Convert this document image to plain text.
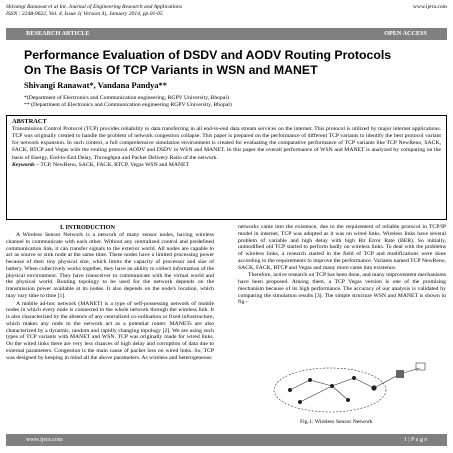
Shivangi Ranawat et al Int. Journal of Engineering Research and Applications
ISSN : 2248-9622, Vol. 4, Issue 1( Version 4), January 2014, pp.01-05
www.ijera.com
RESEARCH ARTICLE	OPEN ACCESS
Performance Evaluation of DSDV and AODV Routing Protocols
On The Basis Of TCP Variants in WSN and MANET
Shivangi Ranawat*, Vandana Pandya**
*(Department of Electronics and Communication engineering, RGPV University, Bhopal)
** (Department of Electronics and Communication engineering RGPV University, Bhopal)
ABSTRACT
Transmission Control Protocol (TCP) provides reliability to data transferring in all end-to-end data stream services on the internet. This protocol is utilized by major internet applications. TCP was originally created to handle the problem of network congestion collapse. This paper is prepared on the performance of different TCP variants to identify the best protocol variant for network expansion. In such context, a full comprehensive simulation environment is created for evaluating the comparative performance of TCP variants like TCP NewReno, SACK, FACK, RTCP and Vegas with the routing protocol AODV and DSDV in WSN and MANET. In this paper the overall performance of WSN and MANET is analyzed by comparing on the basis of Energy, End-to-End Delay, Throughput and Packet Delivery Ratio of the network.
Keywords – TCP, NewReno, SACK, FACK, RTCP, Vegas WSN and MANET
I. INTRODUCTION

A Wireless Sensor Network is a network of many sensor nodes, having wireless channel to communicate with each other. Without any centralized control and predefined communication link, it can transfer signals to the exterior world. All nodes are capable to act as source or sink node at the same time. These nodes have a limited processing power because of their tiny physical size, which limits the capacity of processor and size of battery. When collectively works together, they have an ability to collect information of the physical environment. They have transceiver to communicate with the virtual world and the physical world. Routing topology to be used for the network depends on the transmission power available at its nodes. It also depends on the node's location, which may vary time to time [1].

A mobile ad-hoc network (MANET) is a type of self-possessing network of mobile nodes in which every node is connected to the whole network through the wireless link. It is also characterized by the absence of any centralized co-ordination or fixed infrastructure, which makes any node in the network act as a potential router. MANETs are also characterized by a dynamic, random and rapidly changing topology [2]. We are using such types of TCP variants with MANET and WSN. TCP was originally made for wired links. On the wired links there are very less chances of high delay and corruption of data due to external parameters. Congestion is the main cause of packet loss on wired links. So, TCP was designed by keeping in mind all the above parameters. As wireless and heterogeneous

networks came into the existence, due to the requirement of reliable protocol in TCP/IP model in internet, TCP was adopted as it was on wired links. Wireless links have several problem of variable and high delay with high Bit Error Rate (BER). So initially, unmodified old TCP started to perform badly on wireless links. To deal with the problems of wireless links, a research started in the field of TCP and modifications were done according to the requirements to improve the performance. Variants named TCP NewReno, SACK, FACK, RTCP and Vegas and many more came into existence.

Therefore, active research on TCP has been done, and many improvement mechanisms have been proposed. Among them, a TCP Vegas version is one of the promising mechanism because of its high performance. The accuracy of our analysis is validated by comparing the simulation results [3]. The simple structure WSN and MANET is shown in fig.-

Fig.1: Wireless Sensor Network
www.ijera.com	1 | P a g e
